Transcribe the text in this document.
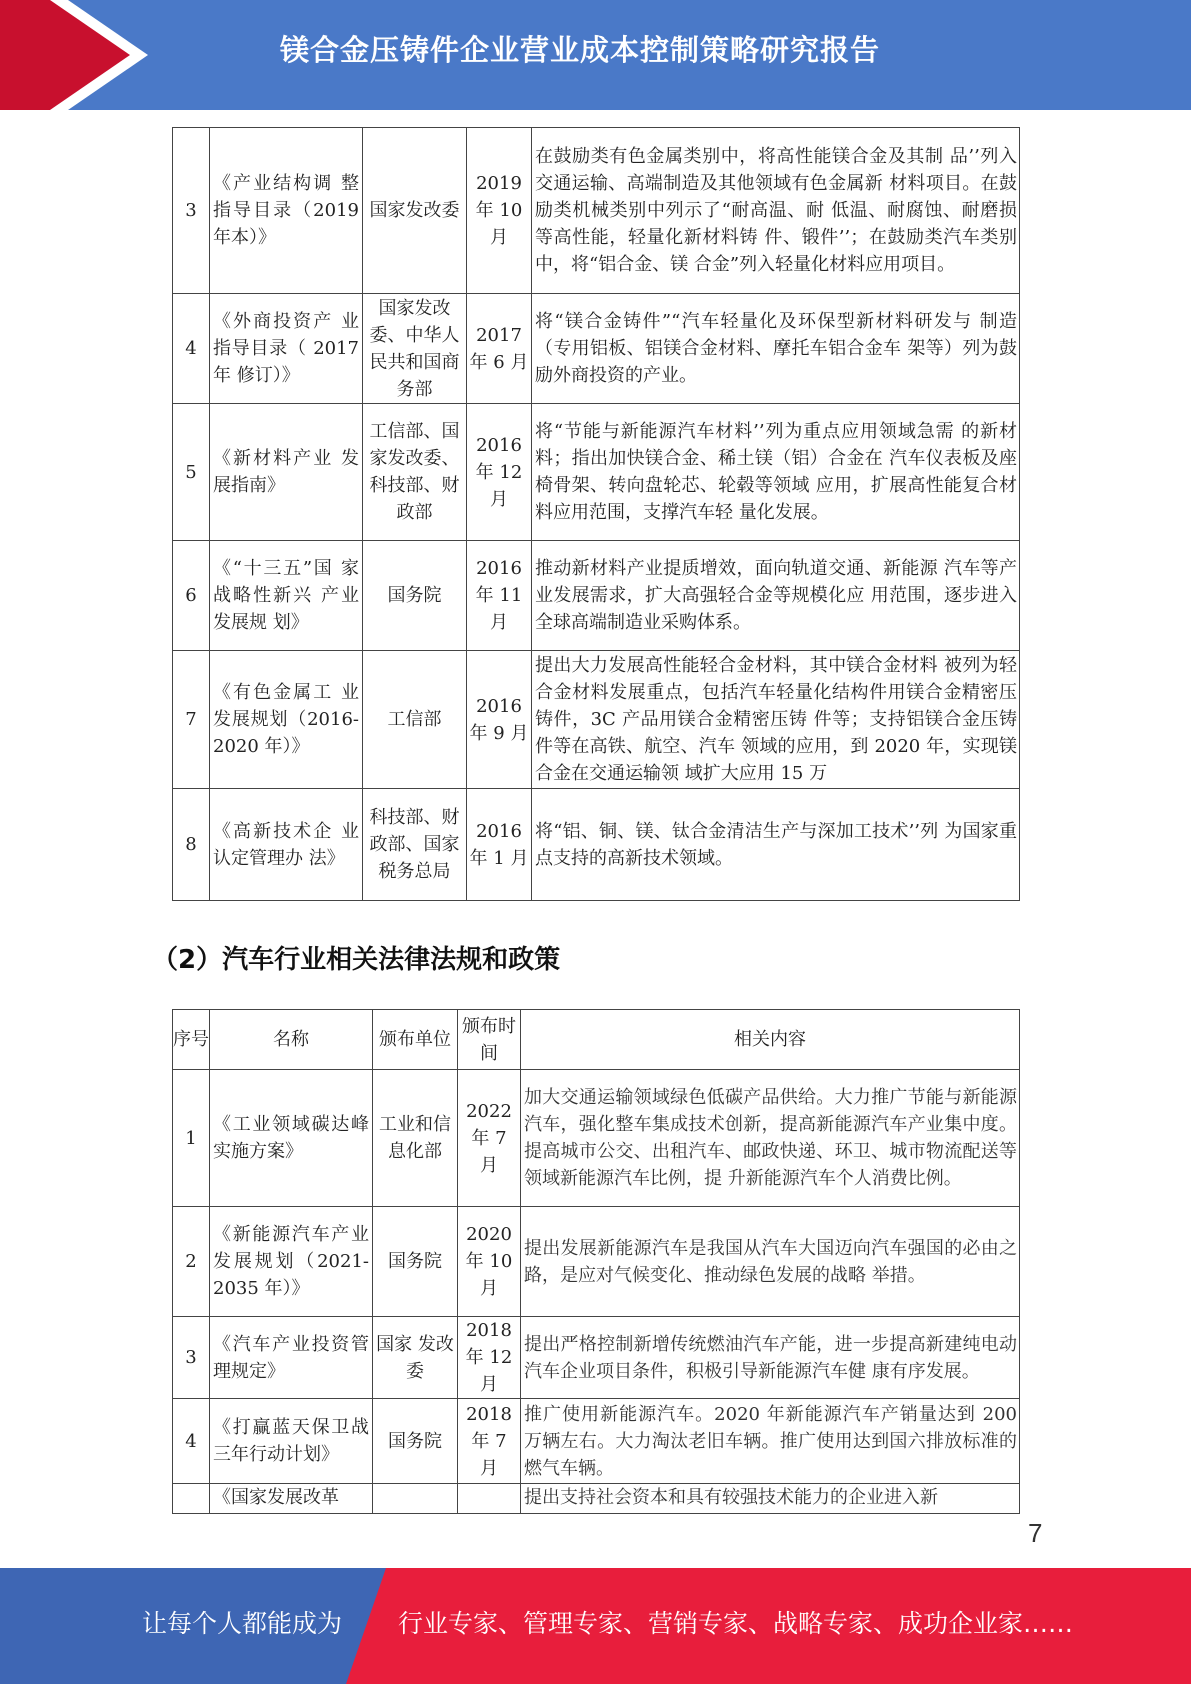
镁合金压铸件企业营业成本控制策略研究报告
3	《产业结构调 整指导目录（2019 年本）》	国家发改委	2019 年 10 月	在鼓励类有色金属类别中，将高性能镁合金及其制 品’’列入交通运输、高端制造及其他领域有色金属新 材料项目。在鼓励类机械类别中列示了“耐高温、耐 低温、耐腐蚀、耐磨损等高性能，轻量化新材料铸 件、锻件’’；在鼓励类汽车类别中，将“铝合金、镁 合金”列入轻量化材料应用项目。
4	《外商投资产 业指导目录（ 2017 年 修订）》	国家发改委、中华人民共和国商务部	2017 年 6 月	将“镁合金铸件”“汽车轻量化及环保型新材料研发与 制造（专用铝板、铝镁合金材料、摩托车铝合金车 架等）列为鼓励外商投资的产业。
5	《新材料产业 发展指南》	工信部、国家发改委、科技部、财政部	2016 年 12 月	将“节能与新能源汽车材料’’列为重点应用领域急需 的新材料；指出加快镁合金、稀土镁（铝）合金在 汽车仪表板及座椅骨架、转向盘轮芯、轮毂等领域 应用，扩展高性能复合材料应用范围，支撑汽车轻 量化发展。
6	《“十三五”国 家战略性新兴 产业发展规 划》	国务院	2016 年 11 月	推动新材料产业提质增效，面向轨道交通、新能源 汽车等产业发展需求，扩大高强轻合金等规模化应 用范围，逐步进入全球高端制造业采购体系。
7	《有色金属工 业发展规划（2016-2020 年）》	工信部	2016 年 9 月	提出大力发展高性能轻合金材料，其中镁合金材料 被列为轻合金材料发展重点，包括汽车轻量化结构件用镁合金精密压铸件，3C 产品用镁合金精密压铸 件等；支持铝镁合金压铸件等在高铁、航空、汽车 领域的应用，到 2020 年，实现镁合金在交通运输领 域扩大应用 15 万
8	《高新技术企 业认定管理办 法》	科技部、财政部、国家税务总局	2016 年 1 月	将“铝、铜、镁、钛合金清洁生产与深加工技术’’列 为国家重点支持的高新技术领域。
（2）汽车行业相关法律法规和政策
序号	名称	颁布单位	颁布时间	相关内容
1	《工业领域碳达峰实施方案》	工业和信息化部	2022 年 7 月	加大交通运输领域绿色低碳产品供给。大力推广节能与新能源汽车，强化整车集成技术创新，提高新能源汽车产业集中度。提高城市公交、出租汽车、邮政快递、环卫、城市物流配送等领域新能源汽车比例，提 升新能源汽车个人消费比例。
2	《新能源汽车产业发展规划（2021-2035 年）》	国务院	2020 年 10 月	提出发展新能源汽车是我国从汽车大国迈向汽车强国的必由之路，是应对气候变化、推动绿色发展的战略 举措。
3	《汽车产业投资管理规定》	国家 发改委	2018 年 12 月	提出严格控制新增传统燃油汽车产能，进一步提高新建纯电动汽车企业项目条件，积极引导新能源汽车健 康有序发展。
4	《打赢蓝天保卫战三年行动计划》	国务院	2018 年 7 月	推广使用新能源汽车。2020 年新能源汽车产销量达到 200 万辆左右。大力淘汰老旧车辆。推广使用达到国六排放标准的燃气车辆。
	《国家发展改革			提出支持社会资本和具有较强技术能力的企业进入新
7
让每个人都能成为 行业专家、管理专家、营销专家、战略专家、成功企业家……
